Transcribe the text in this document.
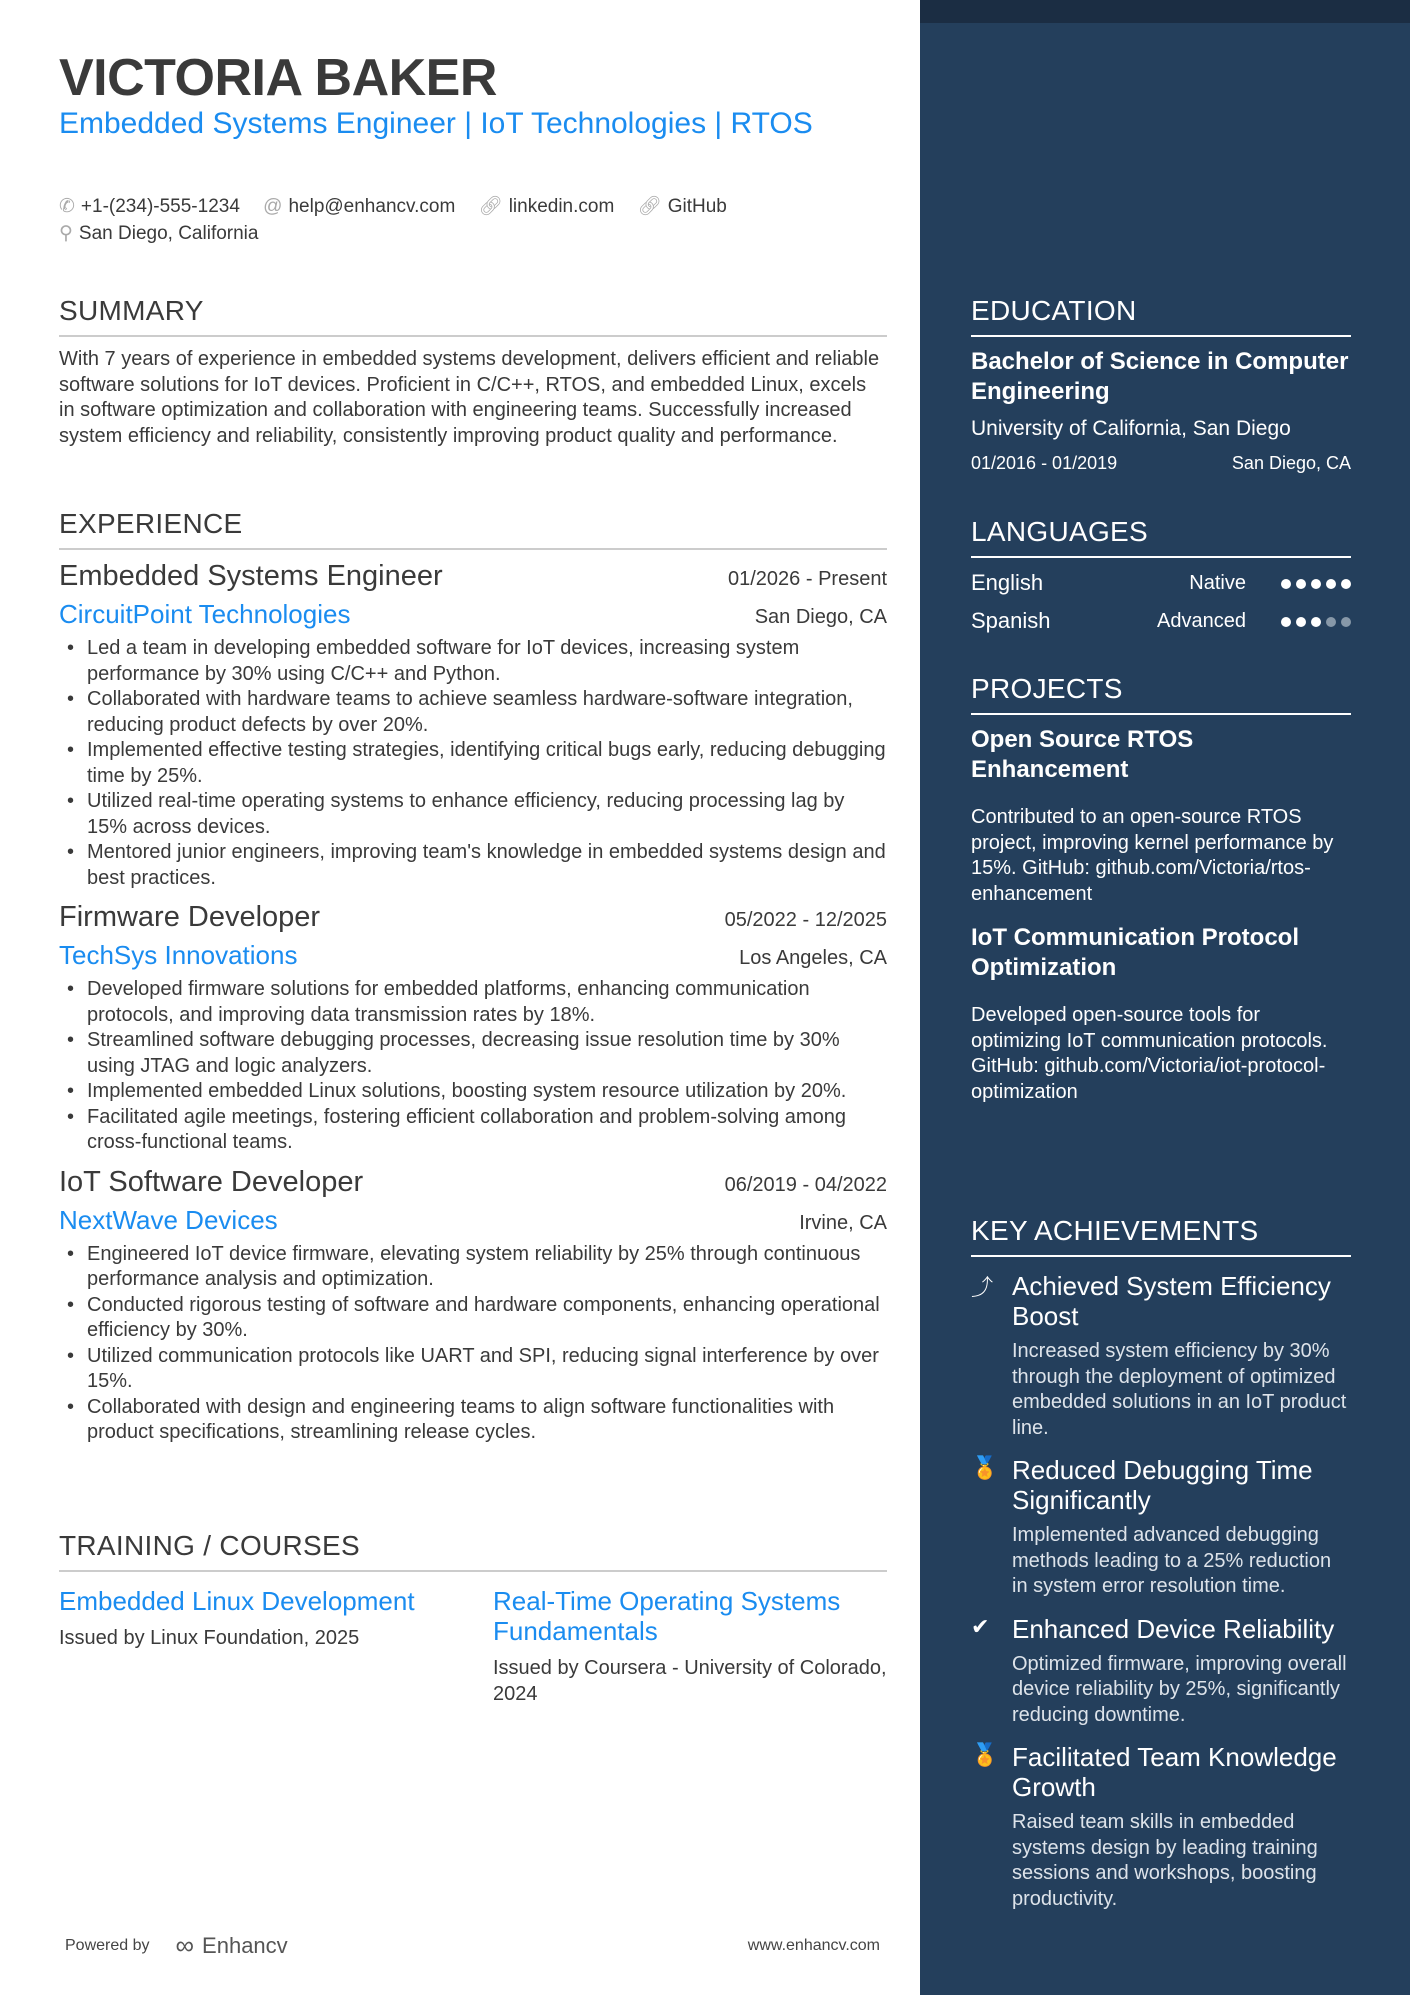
VICTORIA BAKER
Embedded Systems Engineer | IoT Technologies | RTOS
✆ +1-(234)-555-1234 @ help@enhancv.com 🔗︎ linkedin.com 🔗︎ GitHub
⚲ San Diego, California
SUMMARY
With 7 years of experience in embedded systems development, delivers efficient and reliable software solutions for IoT devices. Proficient in C/C++, RTOS, and embedded Linux, excels in software optimization and collaboration with engineering teams. Successfully increased system efficiency and reliability, consistently improving product quality and performance.
EXPERIENCE
Embedded Systems Engineer	01/2026 - Present
CircuitPoint Technologies	San Diego, CA
• Led a team in developing embedded software for IoT devices, increasing system performance by 30% using C/C++ and Python.
• Collaborated with hardware teams to achieve seamless hardware-software integration, reducing product defects by over 20%.
• Implemented effective testing strategies, identifying critical bugs early, reducing debugging time by 25%.
• Utilized real-time operating systems to enhance efficiency, reducing processing lag by 15% across devices.
• Mentored junior engineers, improving team's knowledge in embedded systems design and best practices.
Firmware Developer	05/2022 - 12/2025
TechSys Innovations	Los Angeles, CA
• Developed firmware solutions for embedded platforms, enhancing communication protocols, and improving data transmission rates by 18%.
• Streamlined software debugging processes, decreasing issue resolution time by 30% using JTAG and logic analyzers.
• Implemented embedded Linux solutions, boosting system resource utilization by 20%.
• Facilitated agile meetings, fostering efficient collaboration and problem-solving among cross-functional teams.
IoT Software Developer	06/2019 - 04/2022
NextWave Devices	Irvine, CA
• Engineered IoT device firmware, elevating system reliability by 25% through continuous performance analysis and optimization.
• Conducted rigorous testing of software and hardware components, enhancing operational efficiency by 30%.
• Utilized communication protocols like UART and SPI, reducing signal interference by over 15%.
• Collaborated with design and engineering teams to align software functionalities with product specifications, streamlining release cycles.
TRAINING / COURSES
Embedded Linux Development
Issued by Linux Foundation, 2025
Real-Time Operating Systems Fundamentals
Issued by Coursera - University of Colorado, 2024
Powered by ∞ Enhancv	www.enhancv.com
EDUCATION
Bachelor of Science in Computer Engineering
University of California, San Diego
01/2016 - 01/2019	San Diego, CA
LANGUAGES
English	Native
Spanish	Advanced
PROJECTS
Open Source RTOS Enhancement
Contributed to an open-source RTOS project, improving kernel performance by 15%. GitHub: github.com/Victoria/rtos-enhancement
IoT Communication Protocol Optimization
Developed open-source tools for optimizing IoT communication protocols. GitHub: github.com/Victoria/iot-protocol-optimization
KEY ACHIEVEMENTS
⤴ Achieved System Efficiency Boost
Increased system efficiency by 30% through the deployment of optimized embedded solutions in an IoT product line.
🏅 Reduced Debugging Time Significantly
Implemented advanced debugging methods leading to a 25% reduction in system error resolution time.
✔ Enhanced Device Reliability
Optimized firmware, improving overall device reliability by 25%, significantly reducing downtime.
🏅 Facilitated Team Knowledge Growth
Raised team skills in embedded systems design by leading training sessions and workshops, boosting productivity.
